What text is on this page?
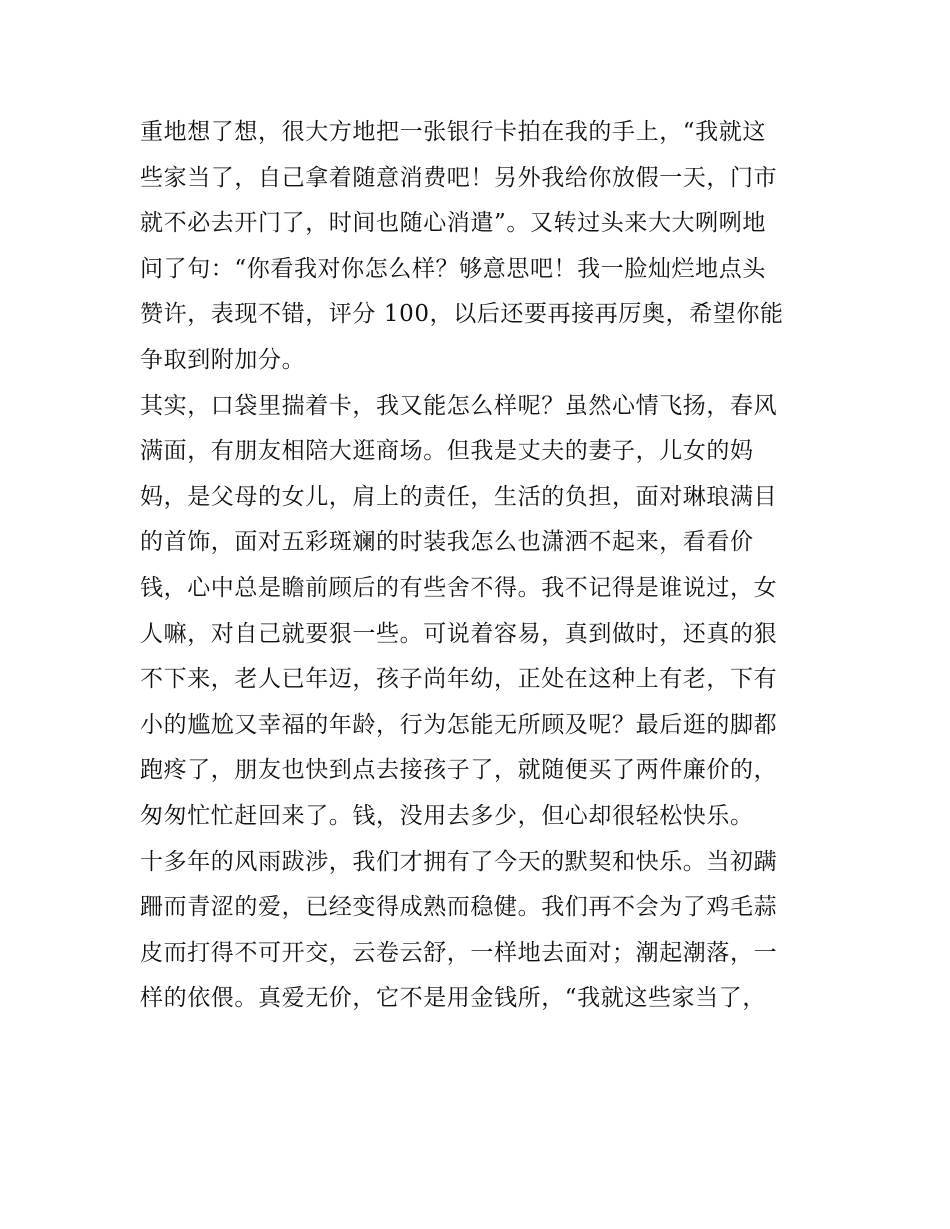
重地想了想，很大方地把一张银行卡拍在我的手上，“我就这
些家当了，自己拿着随意消费吧！另外我给你放假一天，门市
就不必去开门了，时间也随心消遣”。又转过头来大大咧咧地
问了句：“你看我对你怎么样？够意思吧！我一脸灿烂地点头
赞许，表现不错，评分 100，以后还要再接再厉奥，希望你能
争取到附加分。
其实，口袋里揣着卡，我又能怎么样呢？虽然心情飞扬，春风
满面，有朋友相陪大逛商场。但我是丈夫的妻子，儿女的妈
妈，是父母的女儿，肩上的责任，生活的负担，面对琳琅满目
的首饰，面对五彩斑斓的时装我怎么也潇洒不起来，看看价
钱，心中总是瞻前顾后的有些舍不得。我不记得是谁说过，女
人嘛，对自己就要狠一些。可说着容易，真到做时，还真的狠
不下来，老人已年迈，孩子尚年幼，正处在这种上有老，下有
小的尴尬又幸福的年龄，行为怎能无所顾及呢？最后逛的脚都
跑疼了，朋友也快到点去接孩子了，就随便买了两件廉价的，
匆匆忙忙赶回来了。钱，没用去多少，但心却很轻松快乐。
十多年的风雨跋涉，我们才拥有了今天的默契和快乐。当初蹒
跚而青涩的爱，已经变得成熟而稳健。我们再不会为了鸡毛蒜
皮而打得不可开交，云卷云舒，一样地去面对；潮起潮落，一
样的依偎。真爱无价，它不是用金钱所，“我就这些家当了，
